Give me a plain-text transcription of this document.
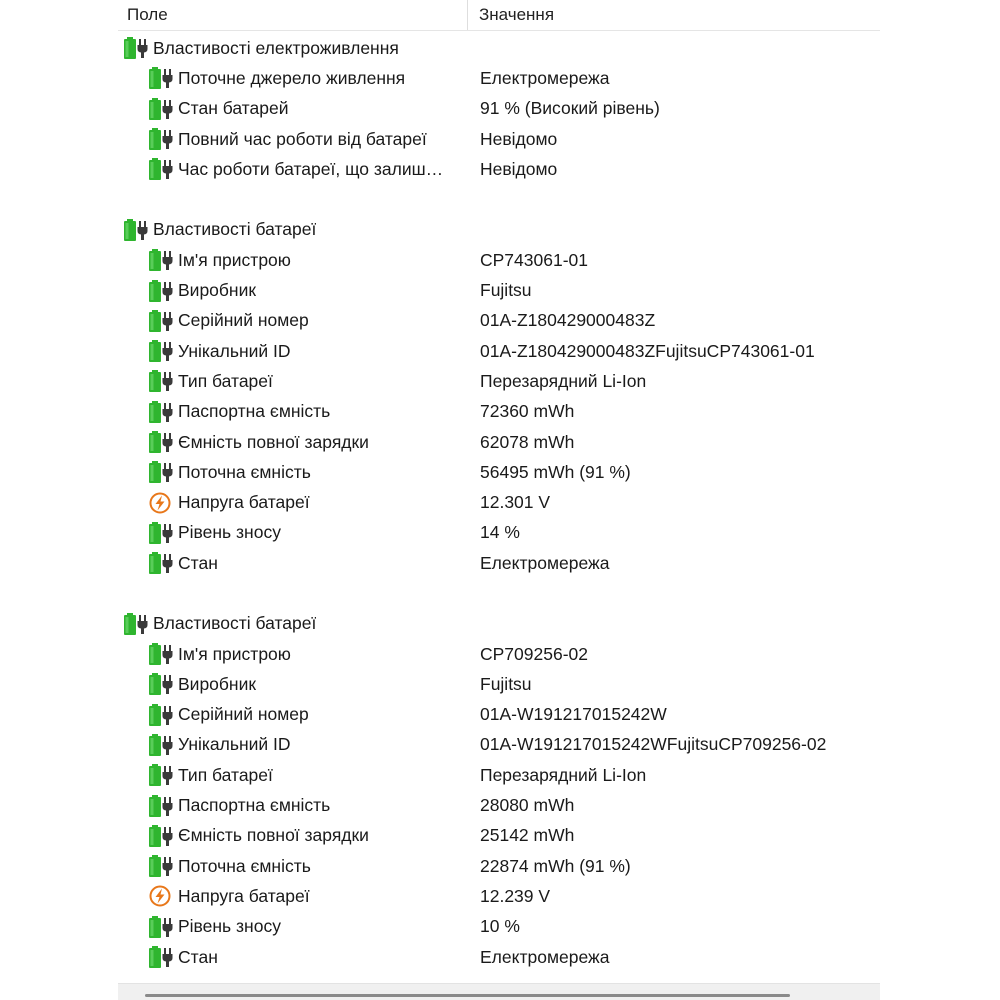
Поле	Значення
Властивості електроживлення
Поточне джерело живлення	Електромережа
Стан батарей	91 % (Високий рівень)
Повний час роботи від батареї	Невідомо
Час роботи батареї, що залиш…	Невідомо
Властивості батареї
Ім'я пристрою	CP743061-01
Виробник	Fujitsu
Серійний номер	01A-Z180429000483Z
Унікальний ID	01A-Z180429000483ZFujitsuCP743061-01
Тип батареї	Перезарядний Li-Ion
Паспортна ємність	72360 mWh
Ємність повної зарядки	62078 mWh
Поточна ємність	56495 mWh (91 %)
Напруга батареї	12.301 V
Рівень зносу	14 %
Стан	Електромережа
Властивості батареї
Ім'я пристрою	CP709256-02
Виробник	Fujitsu
Серійний номер	01A-W191217015242W
Унікальний ID	01A-W191217015242WFujitsuCP709256-02
Тип батареї	Перезарядний Li-Ion
Паспортна ємність	28080 mWh
Ємність повної зарядки	25142 mWh
Поточна ємність	22874 mWh (91 %)
Напруга батареї	12.239 V
Рівень зносу	10 %
Стан	Електромережа
